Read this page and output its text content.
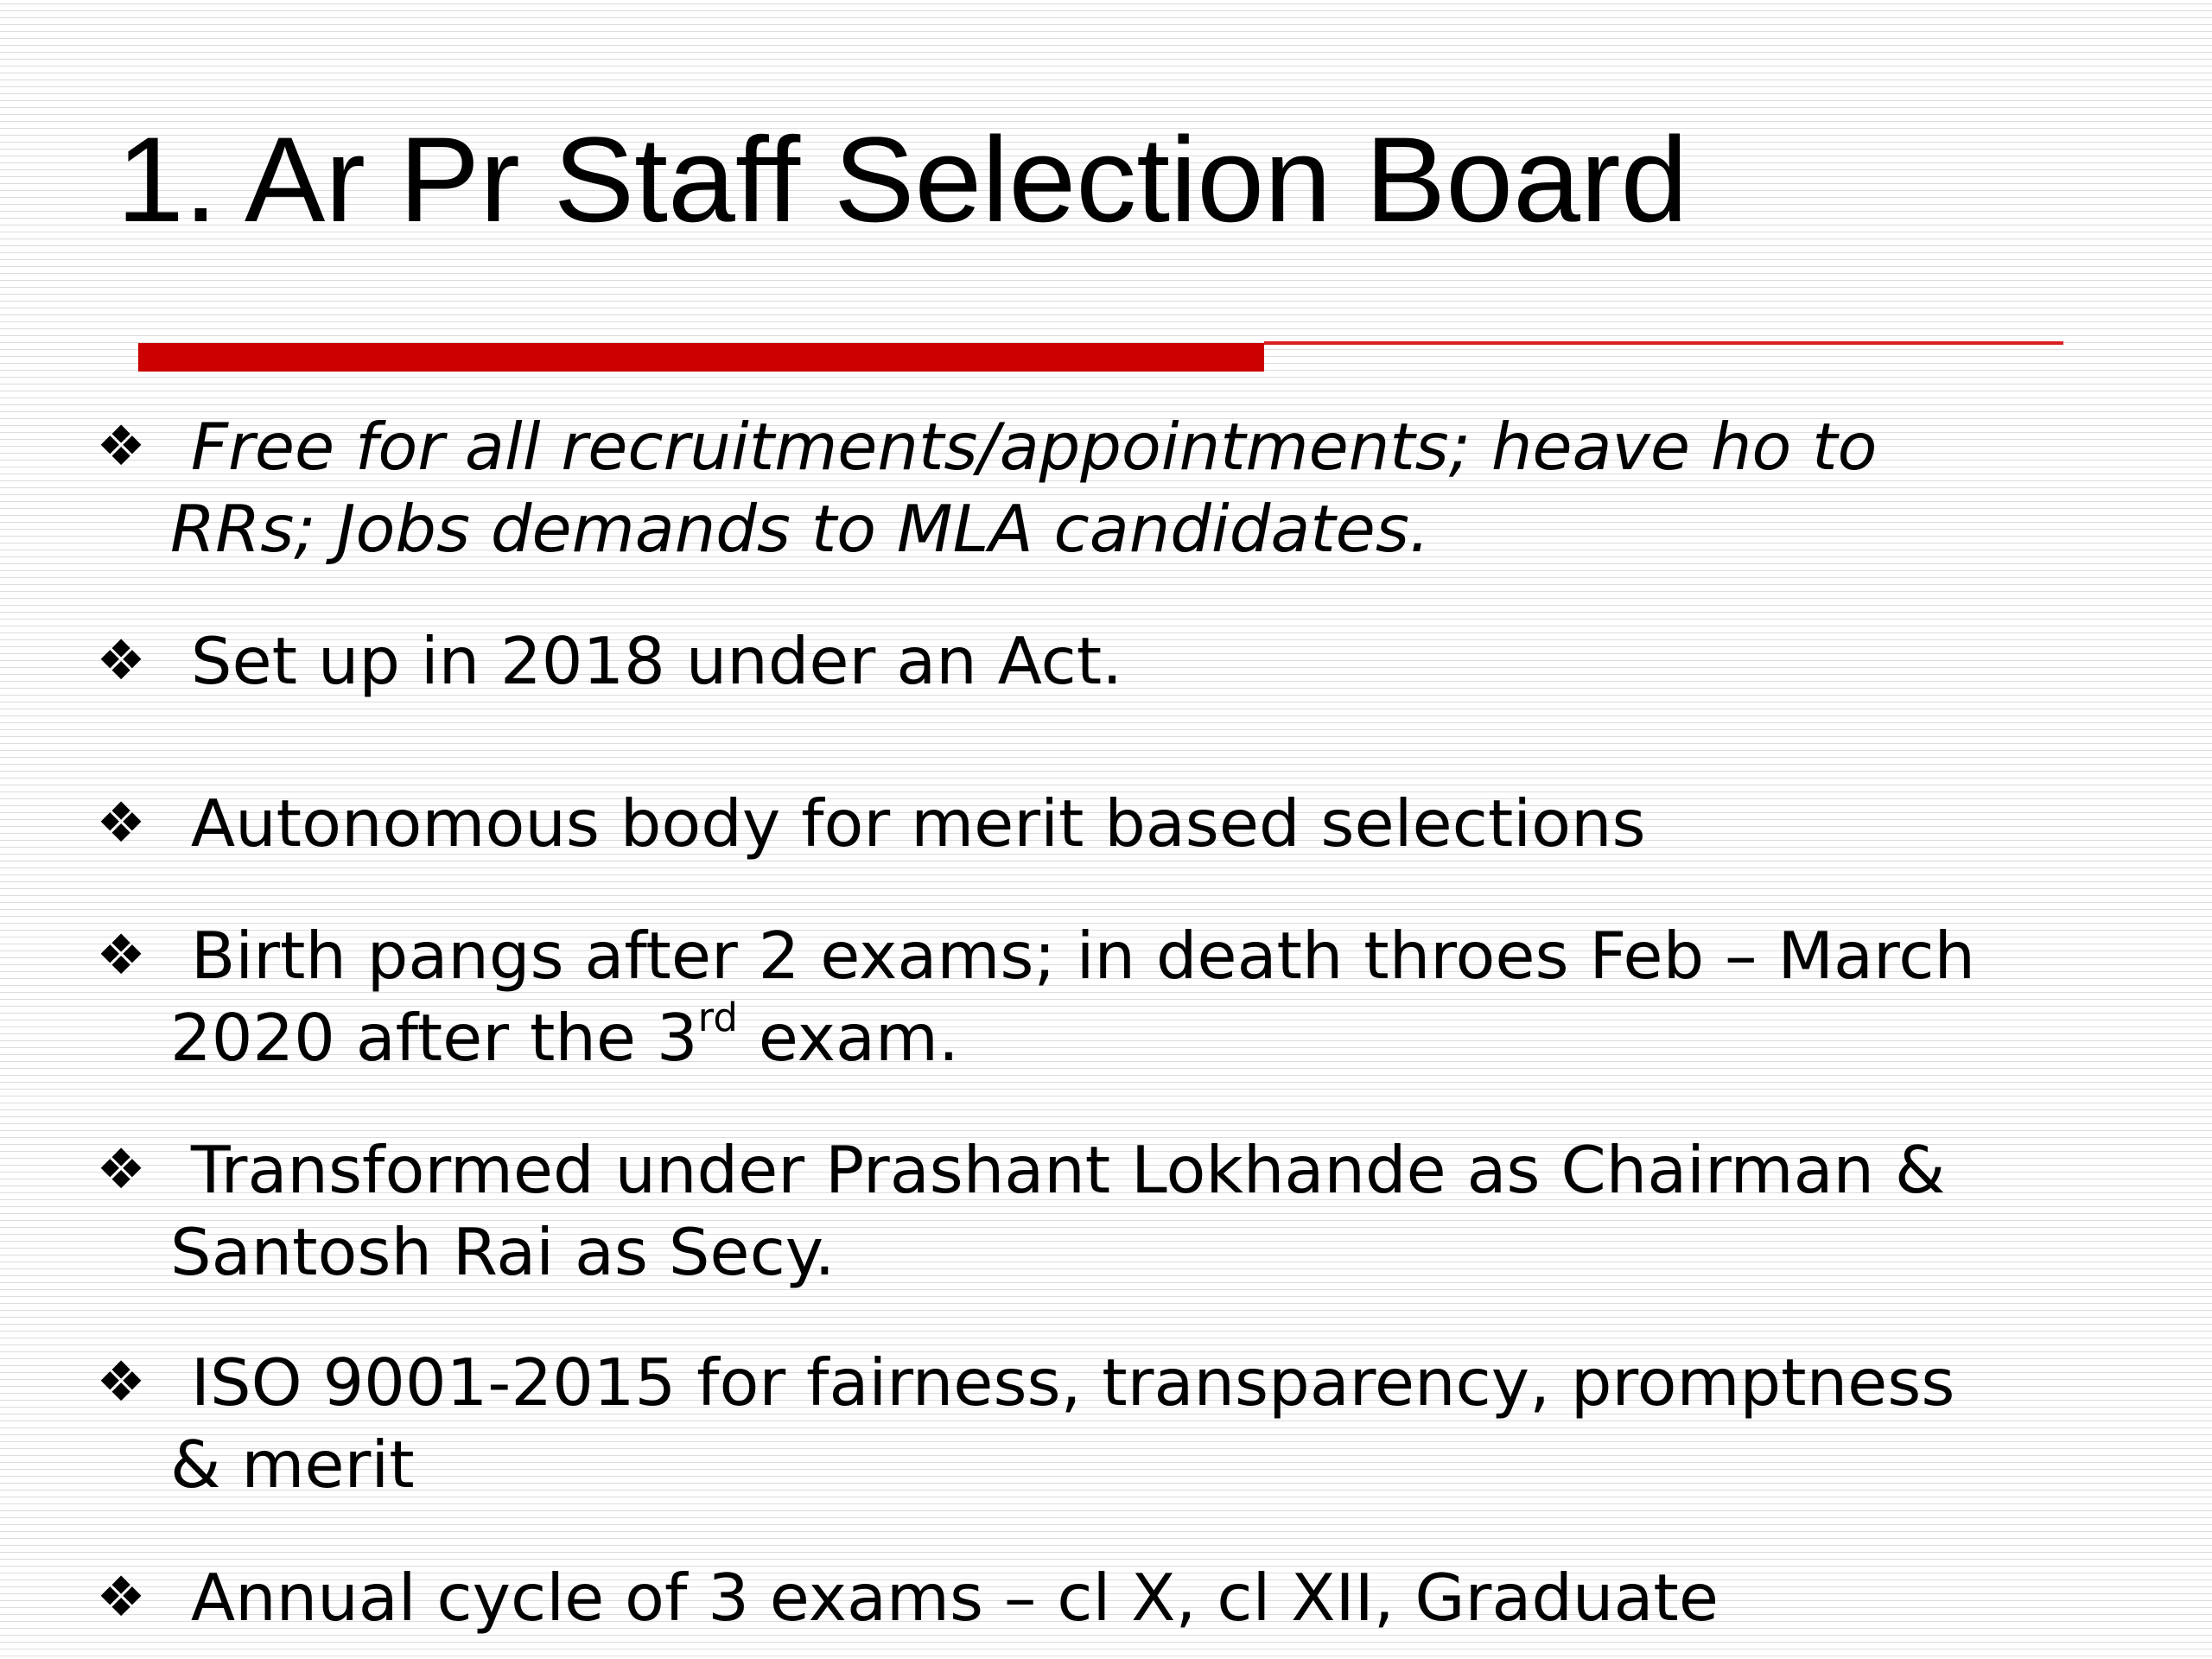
1. Ar Pr Staff Selection Board
❖ Free for all recruitments/appointments; heave ho to
RRs; Jobs demands to MLA candidates.
❖ Set up in 2018 under an Act.
❖ Autonomous body for merit based selections
❖ Birth pangs after 2 exams; in death throes Feb – March
2020 after the 3rd exam.
❖ Transformed under Prashant Lokhande as Chairman &
Santosh Rai as Secy.
❖ ISO 9001-2015 for fairness, transparency, promptness
& merit
❖ Annual cycle of 3 exams – cl X, cl XII, Graduate
